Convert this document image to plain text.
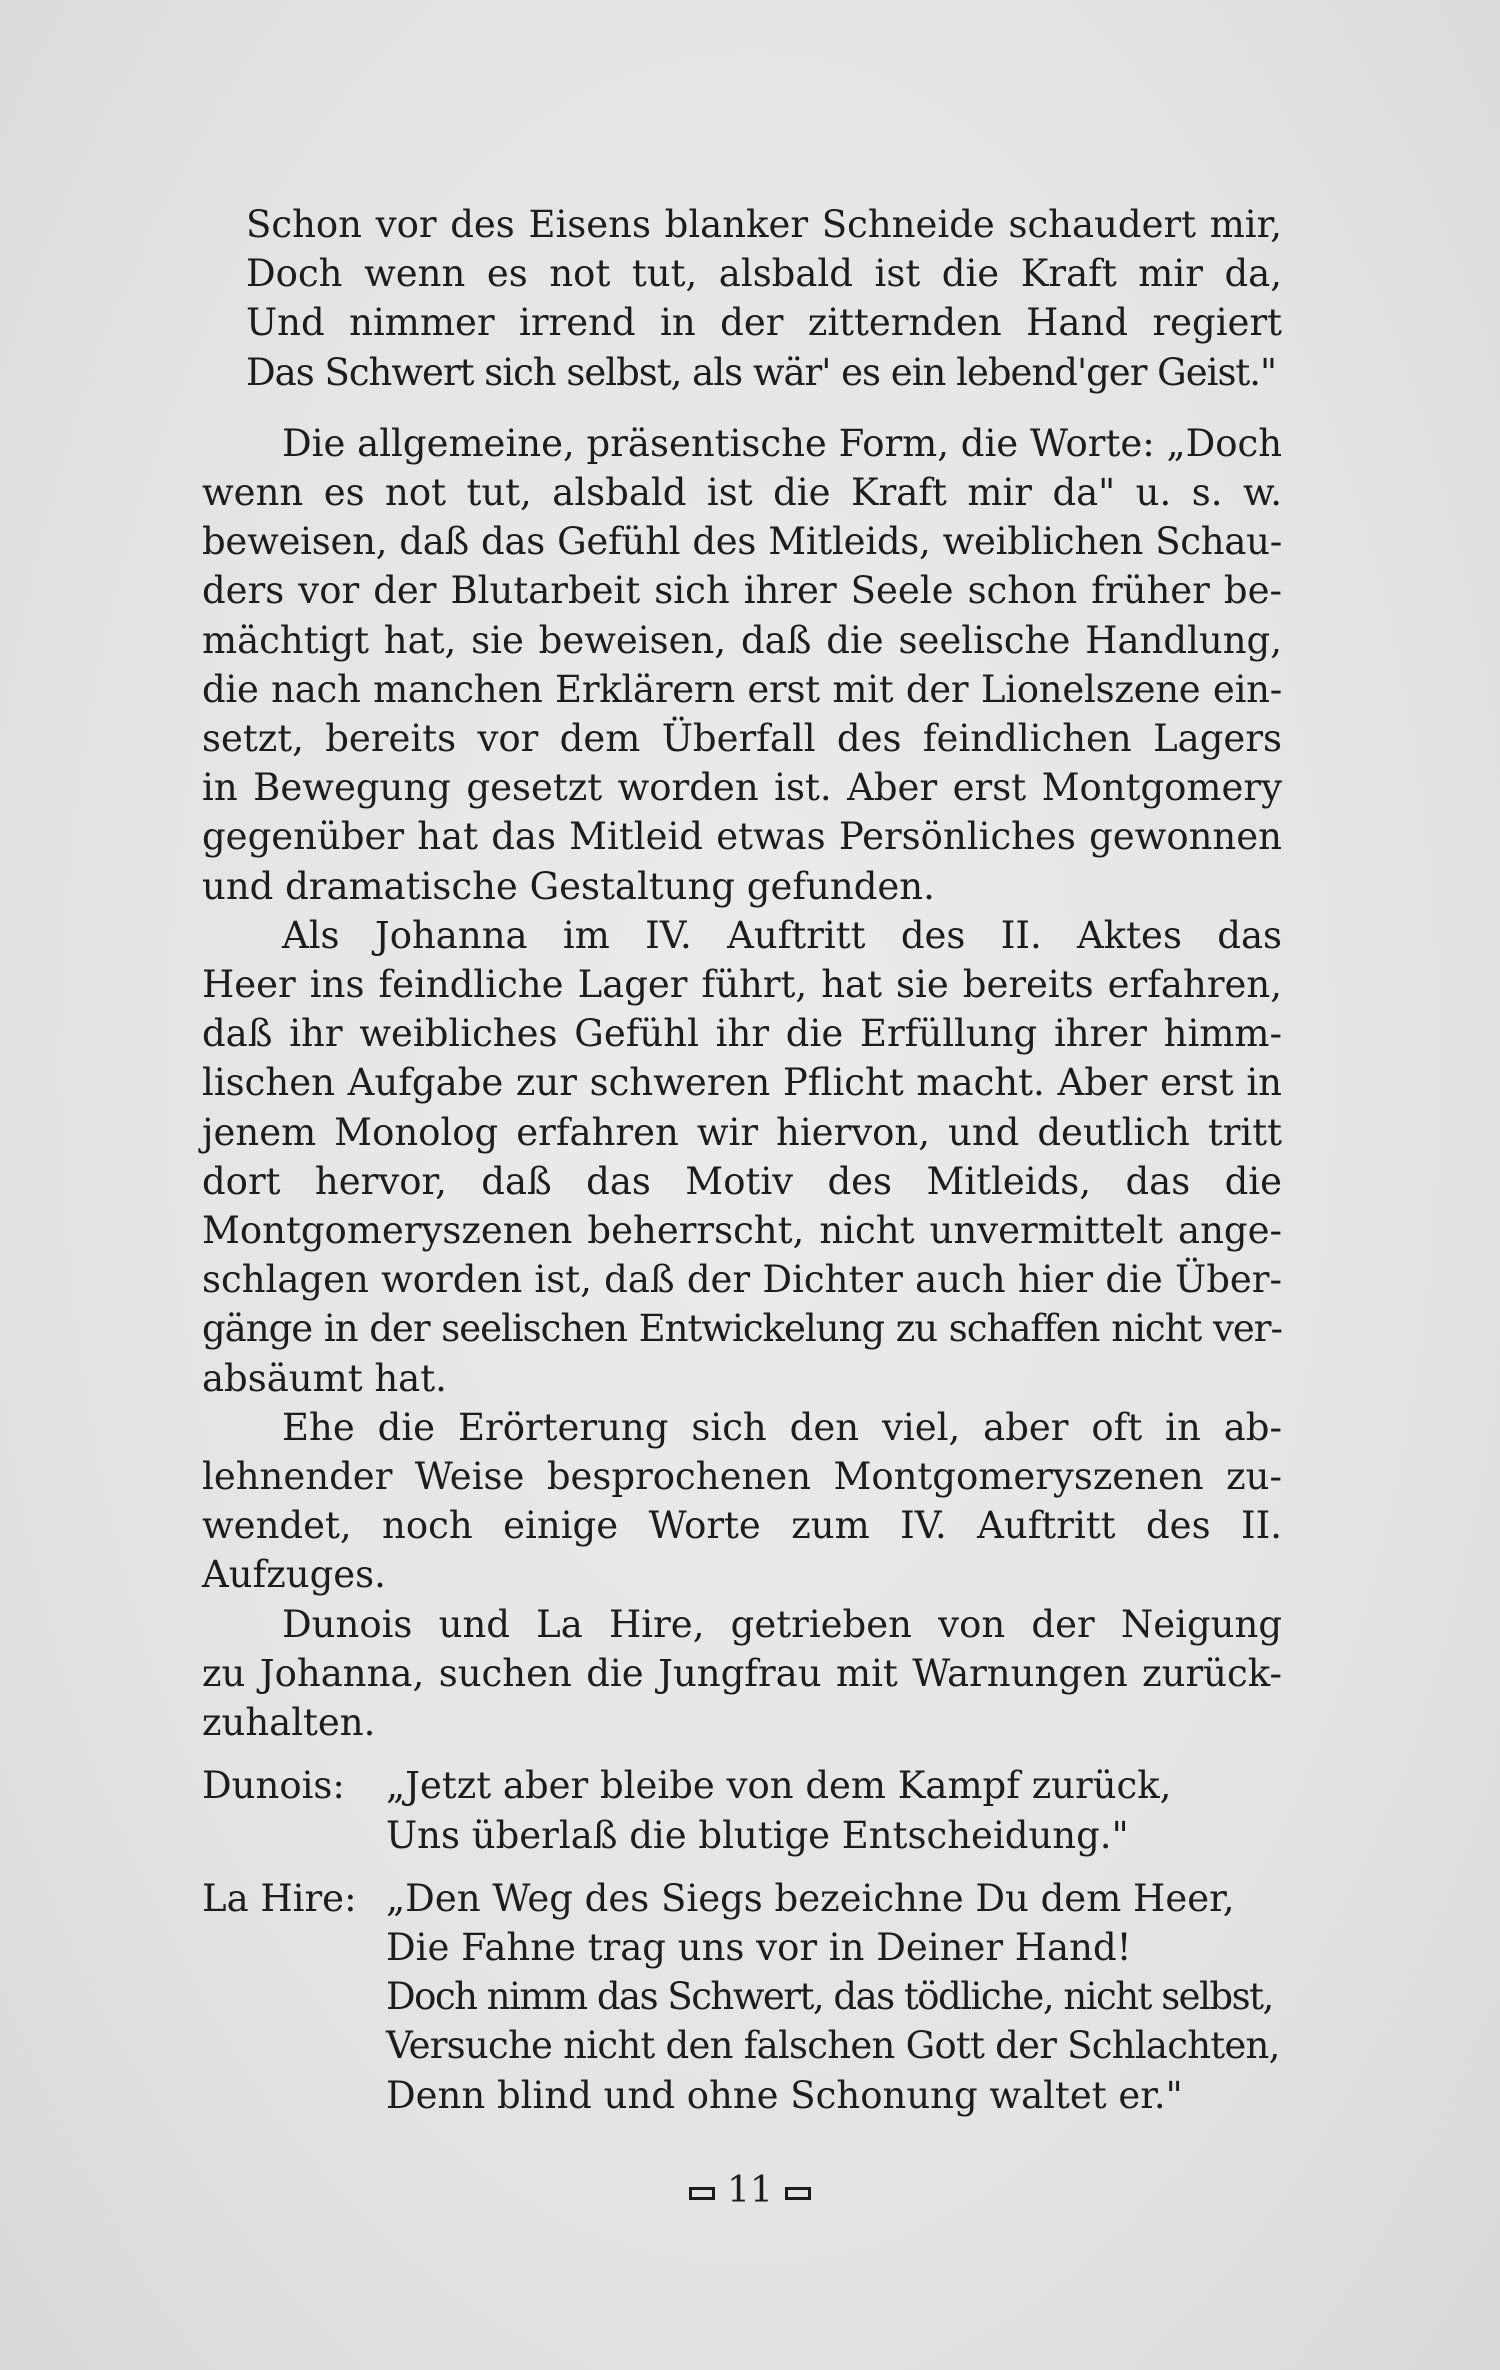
Schon vor des Eisens blanker Schneide schaudert mir,
Doch wenn es not tut, alsbald ist die Kraft mir da,
Und nimmer irrend in der zitternden Hand regiert
Das Schwert sich selbst, als wär' es ein lebend'ger Geist."
Die allgemeine, präsentische Form, die Worte: „Doch
wenn es not tut, alsbald ist die Kraft mir da" u. s. w.
beweisen, daß das Gefühl des Mitleids, weiblichen Schau-
ders vor der Blutarbeit sich ihrer Seele schon früher be-
mächtigt hat, sie beweisen, daß die seelische Handlung,
die nach manchen Erklärern erst mit der Lionelszene ein-
setzt, bereits vor dem Überfall des feindlichen Lagers
in Bewegung gesetzt worden ist. Aber erst Montgomery
gegenüber hat das Mitleid etwas Persönliches gewonnen
und dramatische Gestaltung gefunden.
Als Johanna im IV. Auftritt des II. Aktes das
Heer ins feindliche Lager führt, hat sie bereits erfahren,
daß ihr weibliches Gefühl ihr die Erfüllung ihrer himm-
lischen Aufgabe zur schweren Pflicht macht. Aber erst in
jenem Monolog erfahren wir hiervon, und deutlich tritt
dort hervor, daß das Motiv des Mitleids, das die
Montgomeryszenen beherrscht, nicht unvermittelt ange-
schlagen worden ist, daß der Dichter auch hier die Über-
gänge in der seelischen Entwickelung zu schaffen nicht ver-
absäumt hat.
Ehe die Erörterung sich den viel, aber oft in ab-
lehnender Weise besprochenen Montgomeryszenen zu-
wendet, noch einige Worte zum IV. Auftritt des II.
Aufzuges.
Dunois und La Hire, getrieben von der Neigung
zu Johanna, suchen die Jungfrau mit Warnungen zurück-
zuhalten.
Dunois:	„Jetzt aber bleibe von dem Kampf zurück,
Uns überlaß die blutige Entscheidung."
La Hire: „Den Weg des Siegs bezeichne Du dem Heer,
Die Fahne trag uns vor in Deiner Hand!
Doch nimm das Schwert, das tödliche, nicht selbst,
Versuche nicht den falschen Gott der Schlachten,
Denn blind und ohne Schonung waltet er."
11
